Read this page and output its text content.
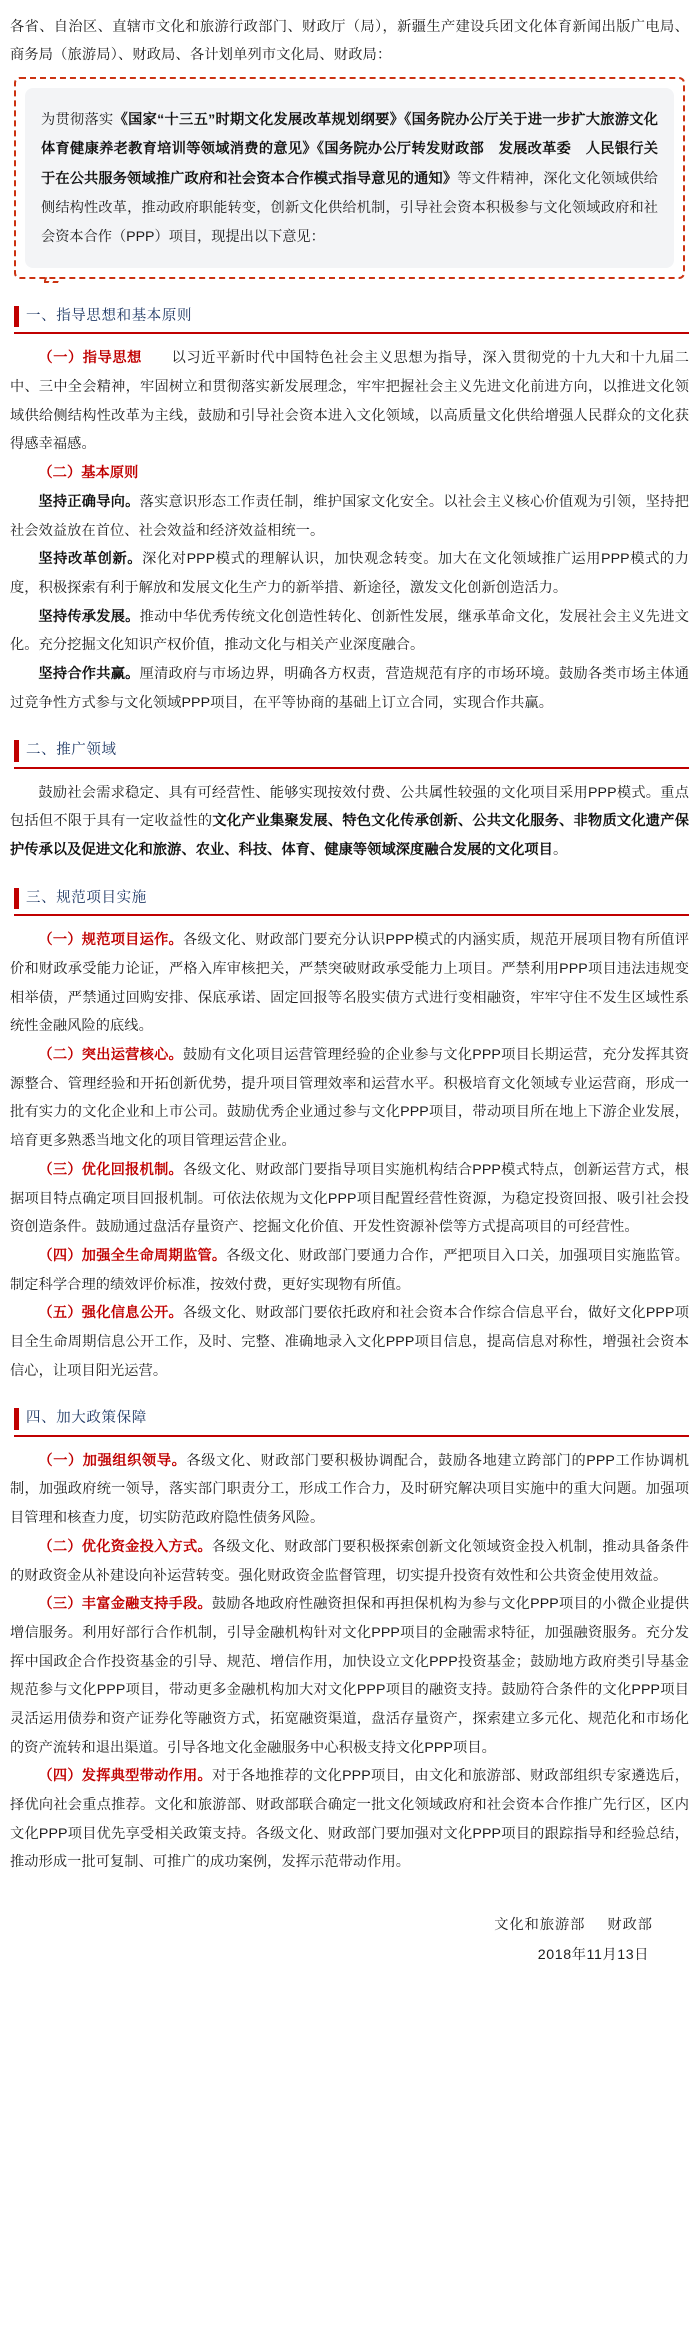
各省、自治区、直辖市文化和旅游行政部门、财政厅（局），新疆生产建设兵团文化体育新闻出版广电局、商务局（旅游局）、财政局、各计划单列市文化局、财政局：

为贯彻落实《国家“十三五”时期文化发展改革规划纲要》《国务院办公厅关于进一步扩大旅游文化体育健康养老教育培训等领域消费的意见》《国务院办公厅转发财政部　发展改革委　人民银行关于在公共服务领域推广政府和社会资本合作模式指导意见的通知》等文件精神，深化文化领域供给侧结构性改革，推动政府职能转变，创新文化供给机制，引导社会资本积极参与文化领域政府和社会资本合作（PPP）项目，现提出以下意见：

一、指导思想和基本原则

（一）指导思想　　 以习近平新时代中国特色社会主义思想为指导，深入贯彻党的十九大和十九届二中、三中全会精神，牢固树立和贯彻落实新发展理念，牢牢把握社会主义先进文化前进方向，以推进文化领域供给侧结构性改革为主线，鼓励和引导社会资本进入文化领域，以高质量文化供给增强人民群众的文化获得感幸福感。

（二）基本原则

坚持正确导向。落实意识形态工作责任制，维护国家文化安全。以社会主义核心价值观为引领，坚持把社会效益放在首位、社会效益和经济效益相统一。

坚持改革创新。深化对PPP模式的理解认识，加快观念转变。加大在文化领域推广运用PPP模式的力度，积极探索有利于解放和发展文化生产力的新举措、新途径，激发文化创新创造活力。

坚持传承发展。推动中华优秀传统文化创造性转化、创新性发展，继承革命文化，发展社会主义先进文化。充分挖掘文化知识产权价值，推动文化与相关产业深度融合。

坚持合作共赢。厘清政府与市场边界，明确各方权责，营造规范有序的市场环境。鼓励各类市场主体通过竞争性方式参与文化领域PPP项目，在平等协商的基础上订立合同，实现合作共赢。

二、推广领域

鼓励社会需求稳定、具有可经营性、能够实现按效付费、公共属性较强的文化项目采用PPP模式。重点包括但不限于具有一定收益性的文化产业集聚发展、特色文化传承创新、公共文化服务、非物质文化遗产保护传承以及促进文化和旅游、农业、科技、体育、健康等领域深度融合发展的文化项目。

三、规范项目实施

（一）规范项目运作。各级文化、财政部门要充分认识PPP模式的内涵实质，规范开展项目物有所值评价和财政承受能力论证，严格入库审核把关，严禁突破财政承受能力上项目。严禁利用PPP项目违法违规变相举债，严禁通过回购安排、保底承诺、固定回报等名股实债方式进行变相融资，牢牢守住不发生区域性系统性金融风险的底线。

（二）突出运营核心。鼓励有文化项目运营管理经验的企业参与文化PPP项目长期运营，充分发挥其资源整合、管理经验和开拓创新优势，提升项目管理效率和运营水平。积极培育文化领域专业运营商，形成一批有实力的文化企业和上市公司。鼓励优秀企业通过参与文化PPP项目，带动项目所在地上下游企业发展，培育更多熟悉当地文化的项目管理运营企业。

（三）优化回报机制。各级文化、财政部门要指导项目实施机构结合PPP模式特点，创新运营方式，根据项目特点确定项目回报机制。可依法依规为文化PPP项目配置经营性资源，为稳定投资回报、吸引社会投资创造条件。鼓励通过盘活存量资产、挖掘文化价值、开发性资源补偿等方式提高项目的可经营性。

（四）加强全生命周期监管。各级文化、财政部门要通力合作，严把项目入口关，加强项目实施监管。制定科学合理的绩效评价标准，按效付费，更好实现物有所值。

（五）强化信息公开。各级文化、财政部门要依托政府和社会资本合作综合信息平台，做好文化PPP项目全生命周期信息公开工作，及时、完整、准确地录入文化PPP项目信息，提高信息对称性，增强社会资本信心，让项目阳光运营。

四、加大政策保障

（一）加强组织领导。各级文化、财政部门要积极协调配合，鼓励各地建立跨部门的PPP工作协调机制，加强政府统一领导，落实部门职责分工，形成工作合力，及时研究解决项目实施中的重大问题。加强项目管理和核查力度，切实防范政府隐性债务风险。

（二）优化资金投入方式。各级文化、财政部门要积极探索创新文化领域资金投入机制，推动具备条件的财政资金从补建设向补运营转变。强化财政资金监督管理，切实提升投资有效性和公共资金使用效益。

（三）丰富金融支持手段。鼓励各地政府性融资担保和再担保机构为参与文化PPP项目的小微企业提供增信服务。利用好部行合作机制，引导金融机构针对文化PPP项目的金融需求特征，加强融资服务。充分发挥中国政企合作投资基金的引导、规范、增信作用，加快设立文化PPP投资基金；鼓励地方政府类引导基金规范参与文化PPP项目，带动更多金融机构加大对文化PPP项目的融资支持。鼓励符合条件的文化PPP项目灵活运用债券和资产证券化等融资方式，拓宽融资渠道，盘活存量资产，探索建立多元化、规范化和市场化的资产流转和退出渠道。引导各地文化金融服务中心积极支持文化PPP项目。

（四）发挥典型带动作用。对于各地推荐的文化PPP项目，由文化和旅游部、财政部组织专家遴选后，择优向社会重点推荐。文化和旅游部、财政部联合确定一批文化领域政府和社会资本合作推广先行区，区内文化PPP项目优先享受相关政策支持。各级文化、财政部门要加强对文化PPP项目的跟踪指导和经验总结，推动形成一批可复制、可推广的成功案例，发挥示范带动作用。

文化和旅游部 财政部
2018年11月13日
